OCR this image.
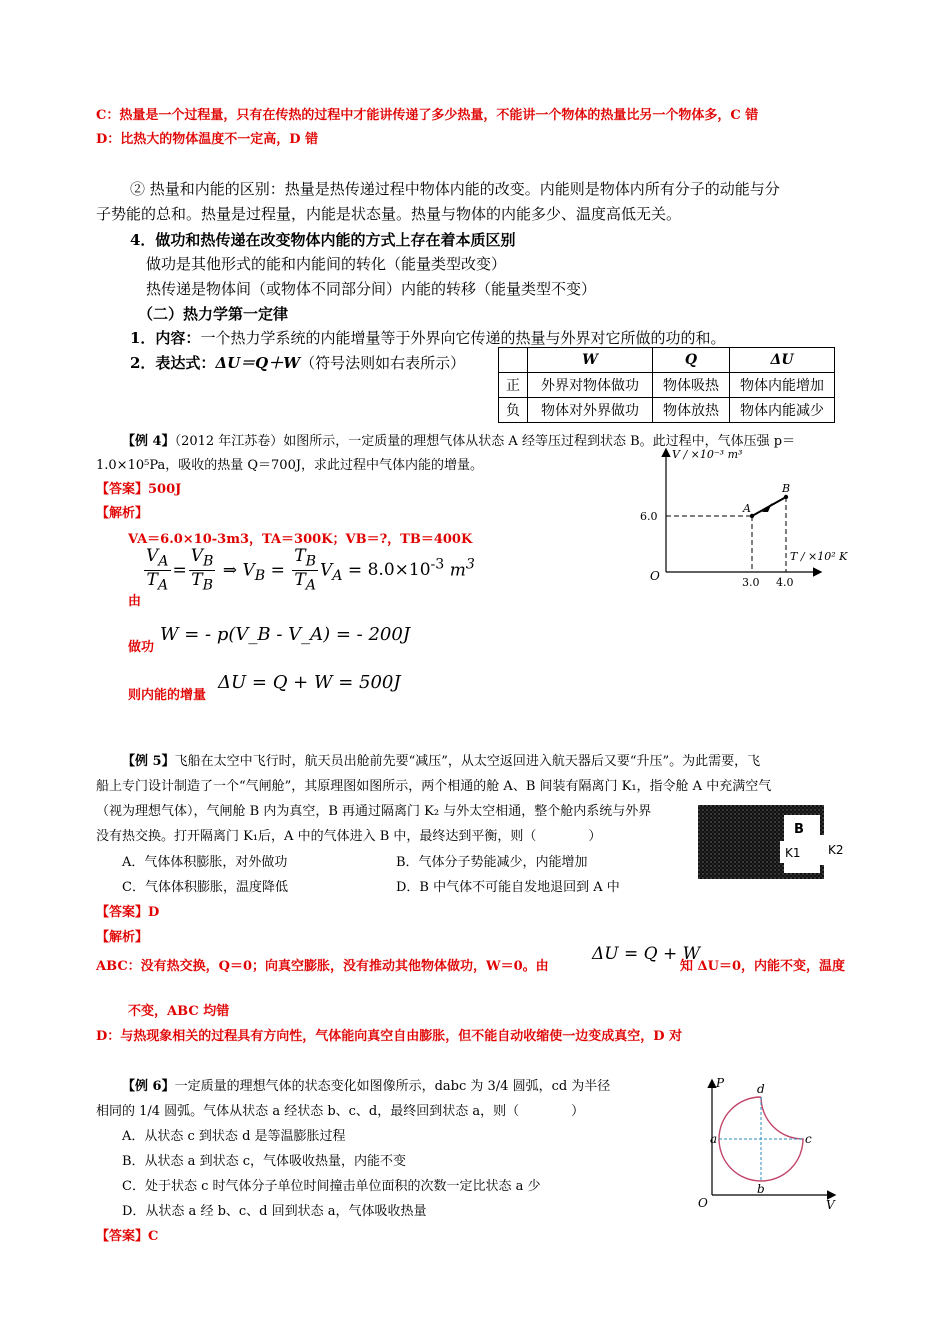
C：热量是一个过程量，只有在传热的过程中才能讲传递了多少热量，不能讲一个物体的热量比另一个物体多，C 错
D：比热大的物体温度不一定高，D 错
② 热量和内能的区别：热量是热传递过程中物体内能的改变。内能则是物体内所有分子的动能与分
子势能的总和。热量是过程量，内能是状态量。热量与物体的内能多少、温度高低无关。
4．做功和热传递在改变物体内能的方式上存在着本质区别
做功是其他形式的能和内能间的转化（能量类型改变）
热传递是物体间（或物体不同部分间）内能的转移（能量类型不变）
（二）热力学第一定律
1．内容：一个热力学系统的内能增量等于外界向它传递的热量与外界对它所做的功的和。
2．表达式：ΔU＝Q＋W（符号法则如右表所示）
		W	Q	ΔU
正	外界对物体做功	物体吸热	物体内能增加
负	物体对外界做功	物体放热	物体内能减少
【例 4】（2012 年江苏卷）如图所示，一定质量的理想气体从状态 A 经等压过程到状态 B。此过程中，气体压强 p＝
1.0×10⁵Pa，吸收的热量 Q＝700J，求此过程中气体内能的增量。
【答案】500J
【解析】
VA＝6.0×10-3m3，TA＝300K；VB＝?，TB＝400K
$\frac{V_A}{T_A} = \frac{V_B}{T_B}$ ⇒ $V_B = \frac{T_B}{T_A} V_A = 8.0\times 10^{-3}$ $m^3$
由
做功
W = - p(V_B - V_A) = - 200J
则内能的增量
ΔU = Q + W = 500J
V / ×10⁻³ m³
T / ×10² K
O
6.0
3.0 4.0
A
B
【例 5】飞船在太空中飞行时，航天员出舱前先要“减压”，从太空返回进入航天器后又要“升压”。为此需要，飞
船上专门设计制造了一个“气闸舱”，其原理图如图所示，两个相通的舱 A、B 间装有隔离门 K₁，指令舱 A 中充满空气
（视为理想气体），气闸舱 B 内为真空，B 再通过隔离门 K₂ 与外太空相通，整个舱内系统与外界
没有热交换。打开隔离门 K₁后，A 中的气体进入 B 中，最终达到平衡，则（　　　　）
A．气体体积膨胀，对外做功	B．气体分子势能减少，内能增加
C．气体体积膨胀，温度降低	D．B 中气体不可能自发地退回到 A 中
【答案】D
【解析】
ABC：没有热交换，Q＝0；向真空膨胀，没有推动其他物体做功，W＝0。由
ΔU = Q + W
知 ΔU＝0，内能不变，温度
不变，ABC 均错
D：与热现象相关的过程具有方向性，气体能向真空自由膨胀，但不能自动收缩使一边变成真空，D 对
B
K1 K2
【例 6】一定质量的理想气体的状态变化如图像所示，dabc 为 3/4 圆弧，cd 为半径
相同的 1/4 圆弧。气体从状态 a 经状态 b、c、d，最终回到状态 a，则（　　　　）
A．从状态 c 到状态 d 是等温膨胀过程
B．从状态 a 到状态 c，气体吸收热量，内能不变
C．处于状态 c 时气体分子单位时间撞击单位面积的次数一定比状态 a 少
D．从状态 a 经 b、c、d 回到状态 a，气体吸收热量
【答案】C
P
V
O
a
b
c
d
